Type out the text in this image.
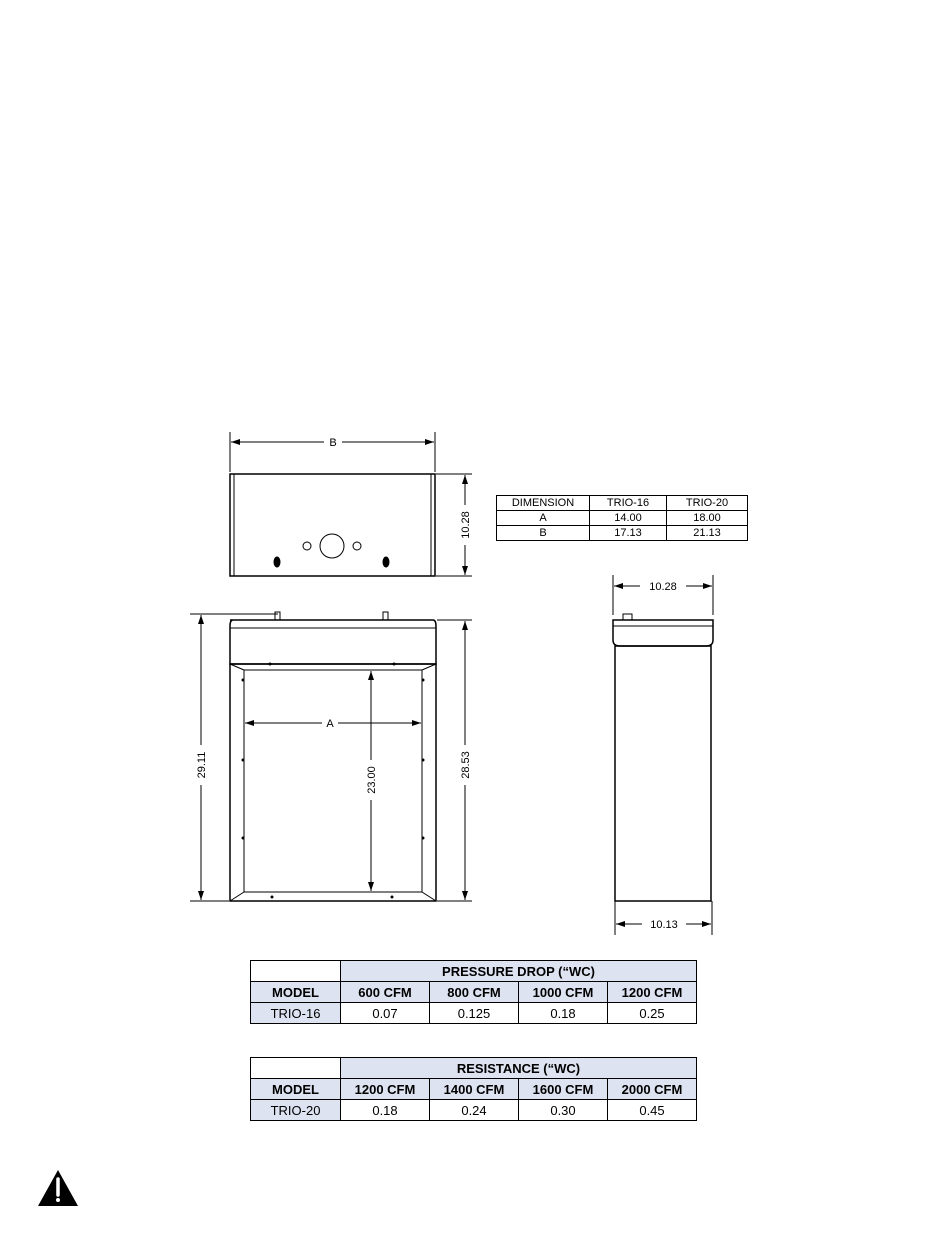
B
10.28
A
29.11
23.00
28.53
10.28
10.13
DIMENSION	TRIO-16	TRIO-20
A	14.00	18.00
B	17.13	21.13
	PRESSURE DROP (“WC)			
MODEL	600 CFM	800 CFM	1000 CFM	1200 CFM
TRIO-16	0.07	0.125	0.18	0.25
	RESISTANCE (“WC)			
MODEL	1200 CFM	1400 CFM	1600 CFM	2000 CFM
TRIO-20	0.18	0.24	0.30	0.45
